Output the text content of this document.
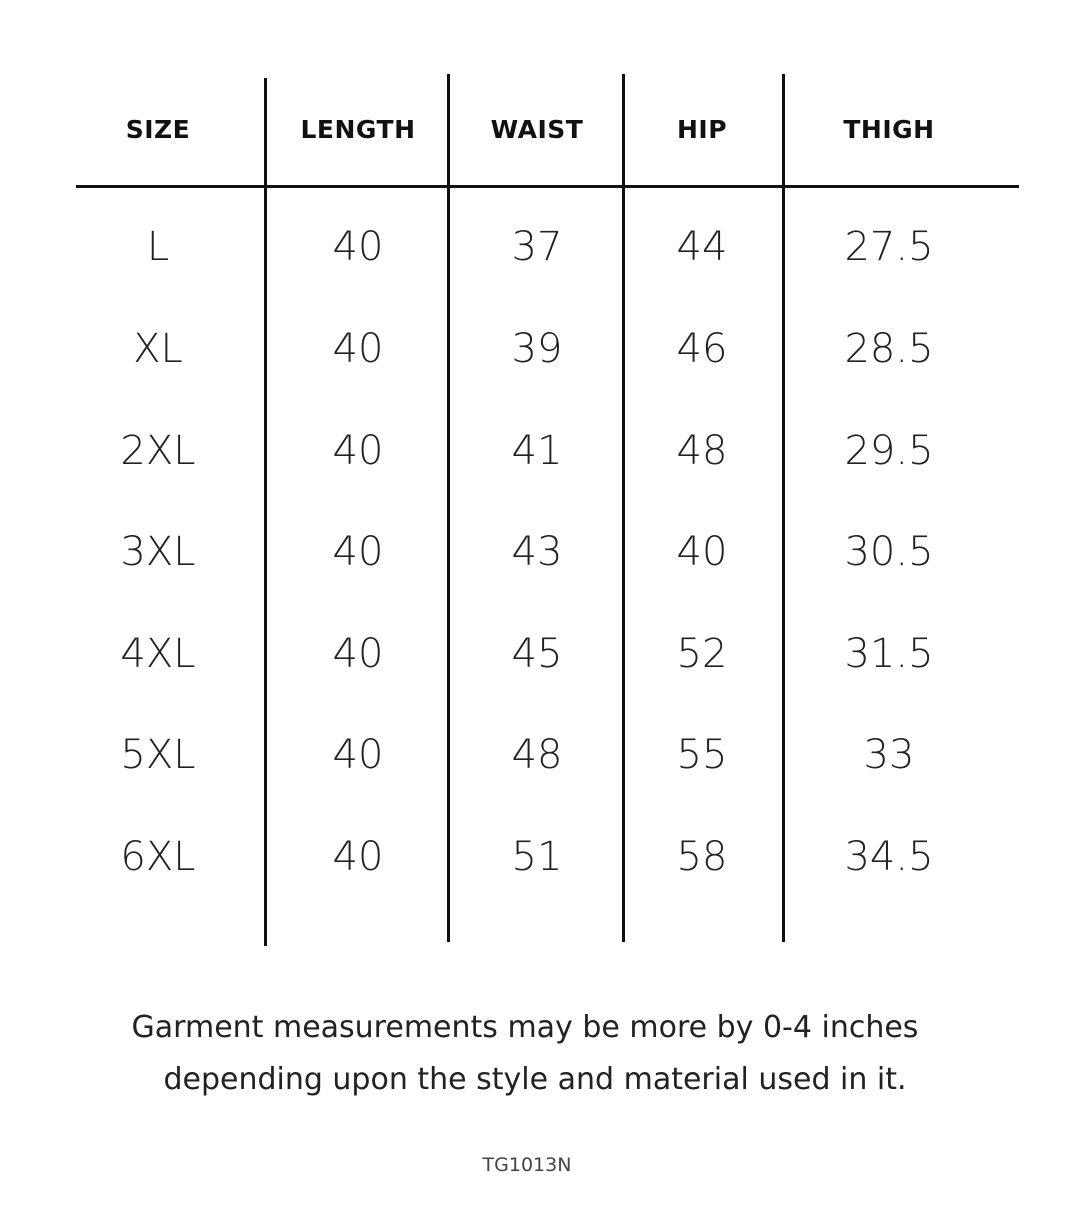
SIZE	LENGTH	WAIST	HIP	THIGH
L	40	37	44	27.5
XL	40	39	46	28.5
2XL	40	41	48	29.5
3XL	40	43	40	30.5
4XL	40	45	52	31.5
5XL	40	48	55	33
6XL	40	51	58	34.5
Garment measurements may be more by 0-4 inches
depending upon the style and material used in it.
TG1013N
